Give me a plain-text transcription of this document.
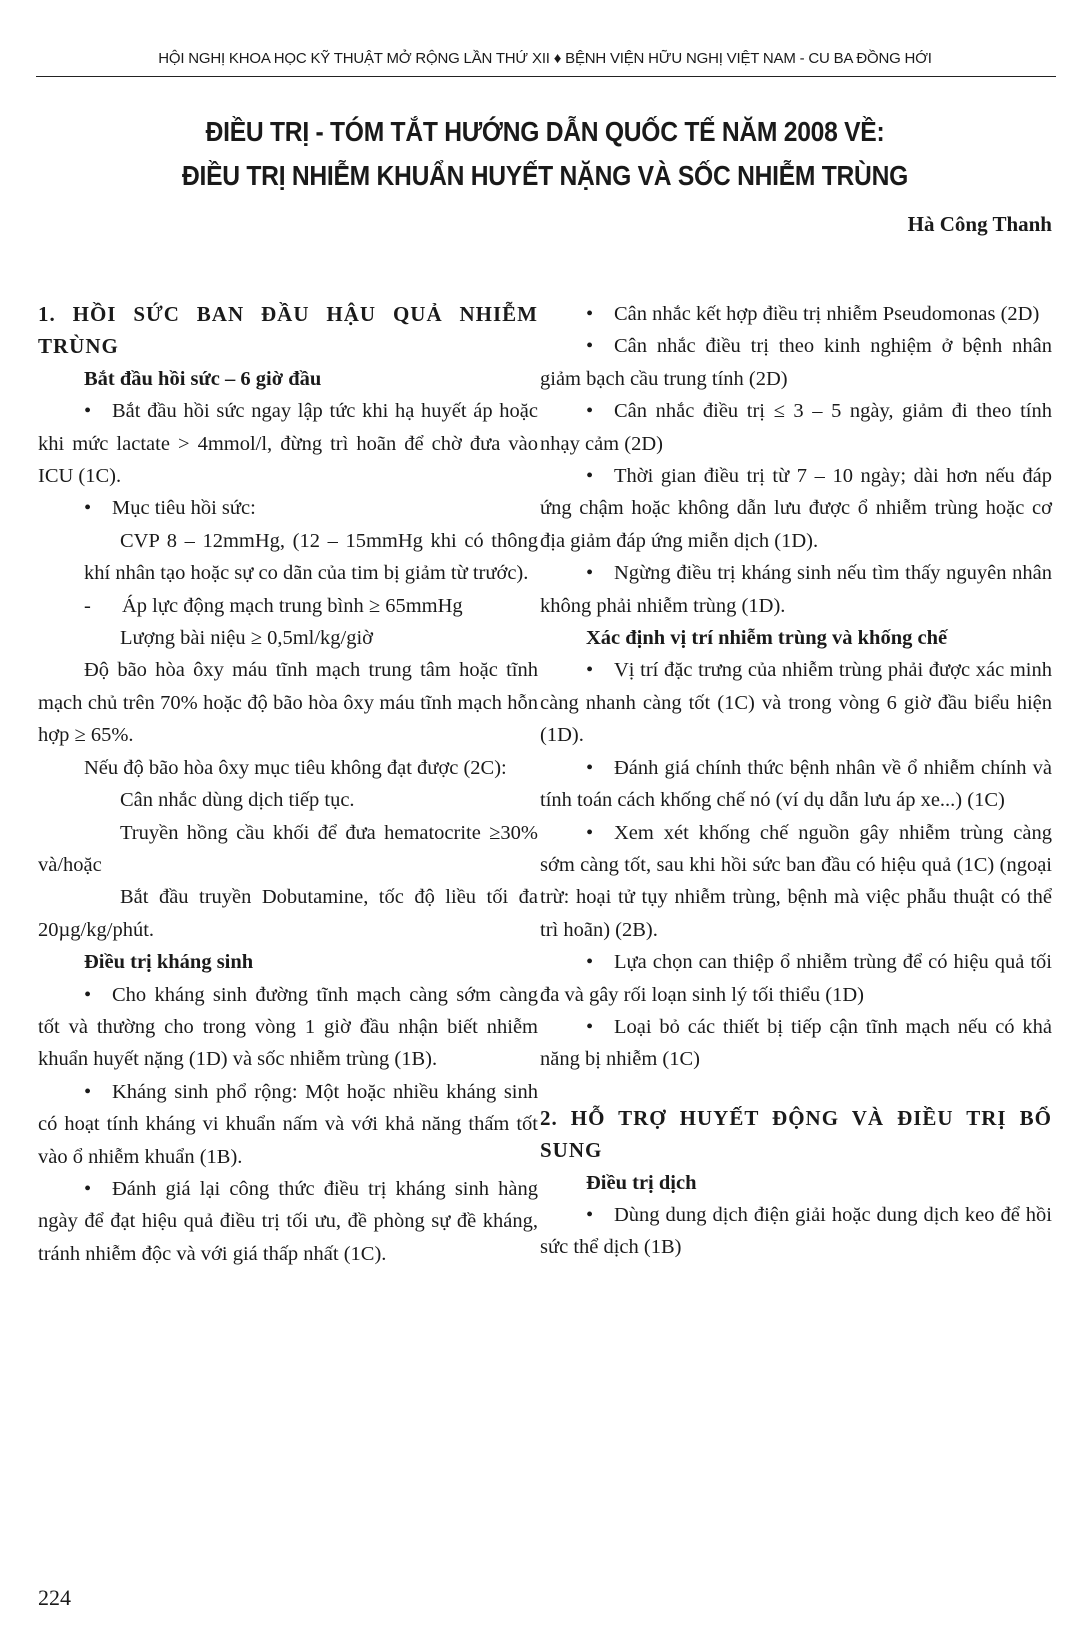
HỘI NGHỊ KHOA HỌC KỸ THUẬT MỞ RỘNG LẦN THỨ XII ♦ BỆNH VIỆN HỮU NGHỊ VIỆT NAM - CU BA ĐỒNG HỚI
ĐIỀU TRỊ - TÓM TẮT HƯỚNG DẪN QUỐC TẾ NĂM 2008 VỀ:
ĐIỀU TRỊ NHIỄM KHUẨN HUYẾT NẶNG VÀ SỐC NHIỄM TRÙNG
Hà Công Thanh

1. HỒI SỨC BAN ĐẦU HẬU QUẢ NHIỄM TRÙNG

Bắt đầu hồi sức – 6 giờ đầu

• Bắt đầu hồi sức ngay lập tức khi hạ huyết áp hoặc khi mức lactate > 4mmol/l, đừng trì hoãn để chờ đưa vào ICU (1C).

• Mục tiêu hồi sức:

CVP 8 – 12mmHg, (12 – 15mmHg khi có thông khí nhân tạo hoặc sự co dãn của tim bị giảm từ trước).

- Áp lực động mạch trung bình ≥ 65mmHg

Lượng bài niệu ≥ 0,5ml/kg/giờ

Độ bão hòa ôxy máu tĩnh mạch trung tâm hoặc tĩnh mạch chủ trên 70% hoặc độ bão hòa ôxy máu tĩnh mạch hỗn hợp ≥ 65%.

Nếu độ bão hòa ôxy mục tiêu không đạt được (2C):

Cân nhắc dùng dịch tiếp tục.

Truyền hồng cầu khối để đưa hematocrite ≥30% và/hoặc

Bắt đầu truyền Dobutamine, tốc độ liều tối đa 20µg/kg/phút.

Điều trị kháng sinh

• Cho kháng sinh đường tĩnh mạch càng sớm càng tốt và thường cho trong vòng 1 giờ đầu nhận biết nhiễm khuẩn huyết nặng (1D) và sốc nhiễm trùng (1B).

• Kháng sinh phổ rộng: Một hoặc nhiều kháng sinh có hoạt tính kháng vi khuẩn nấm và với khả năng thấm tốt vào ổ nhiễm khuẩn (1B).

• Đánh giá lại công thức điều trị kháng sinh hàng ngày để đạt hiệu quả điều trị tối ưu, đề phòng sự đề kháng, tránh nhiễm độc và với giá thấp nhất (1C).

• Cân nhắc kết hợp điều trị nhiễm Pseudomonas (2D)

• Cân nhắc điều trị theo kinh nghiệm ở bệnh nhân giảm bạch cầu trung tính (2D)

• Cân nhắc điều trị ≤ 3 – 5 ngày, giảm đi theo tính nhạy cảm (2D)

• Thời gian điều trị từ 7 – 10 ngày; dài hơn nếu đáp ứng chậm hoặc không dẫn lưu được ổ nhiễm trùng hoặc cơ địa giảm đáp ứng miễn dịch (1D).

• Ngừng điều trị kháng sinh nếu tìm thấy nguyên nhân không phải nhiễm trùng (1D).

Xác định vị trí nhiễm trùng và khống chế

• Vị trí đặc trưng của nhiễm trùng phải được xác minh càng nhanh càng tốt (1C) và trong vòng 6 giờ đầu biểu hiện (1D).

• Đánh giá chính thức bệnh nhân về ổ nhiễm chính và tính toán cách khống chế nó (ví dụ dẫn lưu áp xe...) (1C)

• Xem xét khống chế nguồn gây nhiễm trùng càng sớm càng tốt, sau khi hồi sức ban đầu có hiệu quả (1C) (ngoại trừ: hoại tử tụy nhiễm trùng, bệnh mà việc phẫu thuật có thể trì hoãn) (2B).

• Lựa chọn can thiệp ổ nhiễm trùng để có hiệu quả tối đa và gây rối loạn sinh lý tối thiểu (1D)

• Loại bỏ các thiết bị tiếp cận tĩnh mạch nếu có khả năng bị nhiễm (1C)

2. HỖ TRỢ HUYẾT ĐỘNG VÀ ĐIỀU TRỊ BỔ SUNG

Điều trị dịch

• Dùng dung dịch điện giải hoặc dung dịch keo để hồi sức thể dịch (1B)

224
